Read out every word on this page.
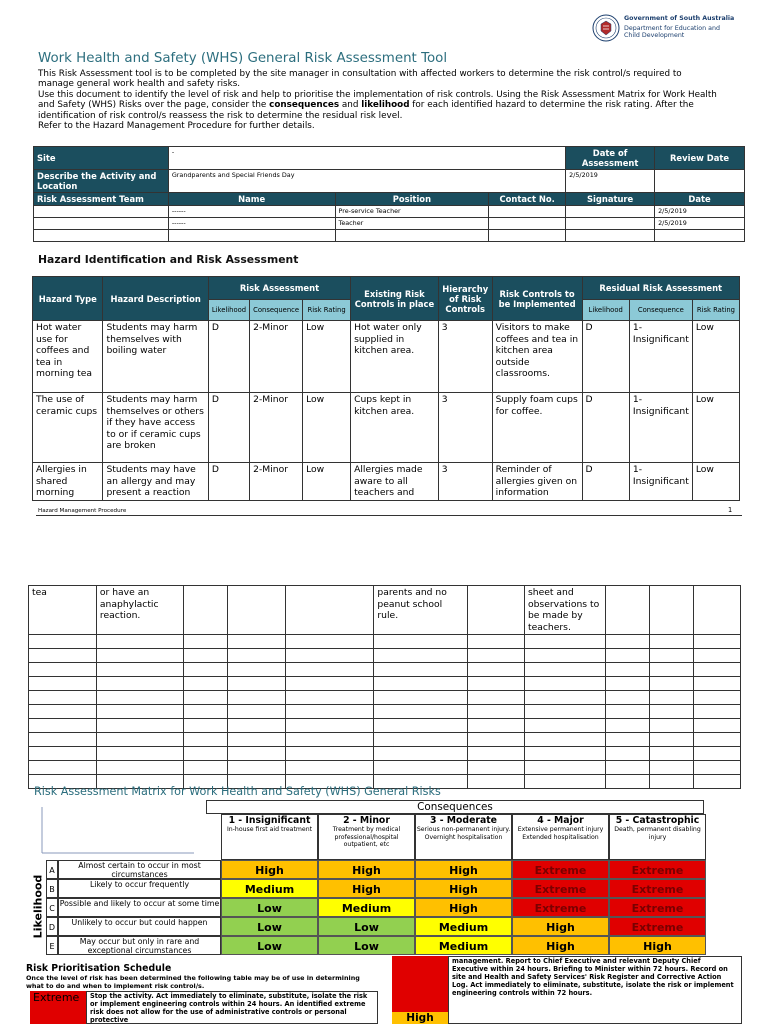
Government of South Australia
Department for Education and
Child Development
Work Health and Safety (WHS) General Risk Assessment Tool

This Risk Assessment tool is to be completed by the site manager in consultation with affected workers to determine the risk control/s required to manage general work health and safety risks.

Use this document to identify the level of risk and help to prioritise the implementation of risk controls. Using the Risk Assessment Matrix for Work Health and Safety (WHS) Risks over the page, consider the consequences and likelihood for each identified hazard to determine the risk rating. After the identification of risk control/s reassess the risk to determine the residual risk level.

Refer to the Hazard Management Procedure for further details.

Site	-			Date of Assessment	Review Date
Describe the Activity and Location	Grandparents and Special Friends Day			2/5/2019	
Risk Assessment Team	Name	Position	Contact No.	Signature	Date
	------	Pre-service Teacher			2/5/2019
	------	Teacher			2/5/2019

Hazard Identification and Risk Assessment
Hazard Type	Hazard Description	Risk Assessment			Existing Risk Controls in place	Hierarchy of Risk Controls	Risk Controls to be Implemented	Residual Risk Assessment		
		Likelihood	Consequence	Risk Rating				Likelihood	Consequence	Risk Rating
Hot water use for coffees and tea in morning tea	Students may harm themselves with boiling water	D	2-Minor	Low	Hot water only supplied in kitchen area.	3	Visitors to make coffees and tea in kitchen area outside classrooms.	D	1-Insignificant	Low
The use of ceramic cups	Students may harm themselves or others if they have access to or if ceramic cups are broken	D	2-Minor	Low	Cups kept in kitchen area.	3	Supply foam cups for coffee.	D	1-Insignificant	Low
Allergies in shared morning	Students may have an allergy and may present a reaction	D	2-Minor	Low	Allergies made aware to all teachers and	3	Reminder of allergies given on information	D	1-Insignificant	Low
Hazard Management Procedure	1
tea	or have an anaphylactic reaction.				parents and no peanut school rule.		sheet and observations to be made by teachers.			

Risk Assessment Matrix for Work Health and Safety (WHS) General Risks
Consequences
1 - Insignificant
In-house first aid treatment
2 - Minor
Treatment by medical professional/hospital outpatient, etc
3 - Moderate
Serious non-permanent injury. Overnight hospitalisation
4 - Major
Extensive permanent injury Extended hospitalisation
5 - Catastrophic
Death, permanent disabling injury
Likelihood
A
Almost certain to occur in most circumstances	High	High	High	Extreme	Extreme
B
Likely to occur frequently	Medium	High	High	Extreme	Extreme
C
Possible and likely to occur at some time	Low	Medium	High	Extreme	Extreme
D
Unlikely to occur but could happen	Low	Low	Medium	High	Extreme
E
May occur but only in rare and exceptional circumstances	Low	Low	Medium	High	High
Risk Prioritisation Schedule
Once the level of risk has been determined the following table may be of use in determining what to do and when to implement risk control/s.
Extreme	Stop the activity. Act immediately to eliminate, substitute, isolate the risk or implement engineering controls within 24 hours. An identified extreme risk does not allow for the use of administrative controls or personal protective	High
management. Report to Chief Executive and relevant Deputy Chief Executive within 24 hours. Briefing to Minister within 72 hours. Record on site and Health and Safety Services' Risk Register and Corrective Action Log. Act immediately to eliminate, substitute, isolate the risk or implement engineering controls within 72 hours.
